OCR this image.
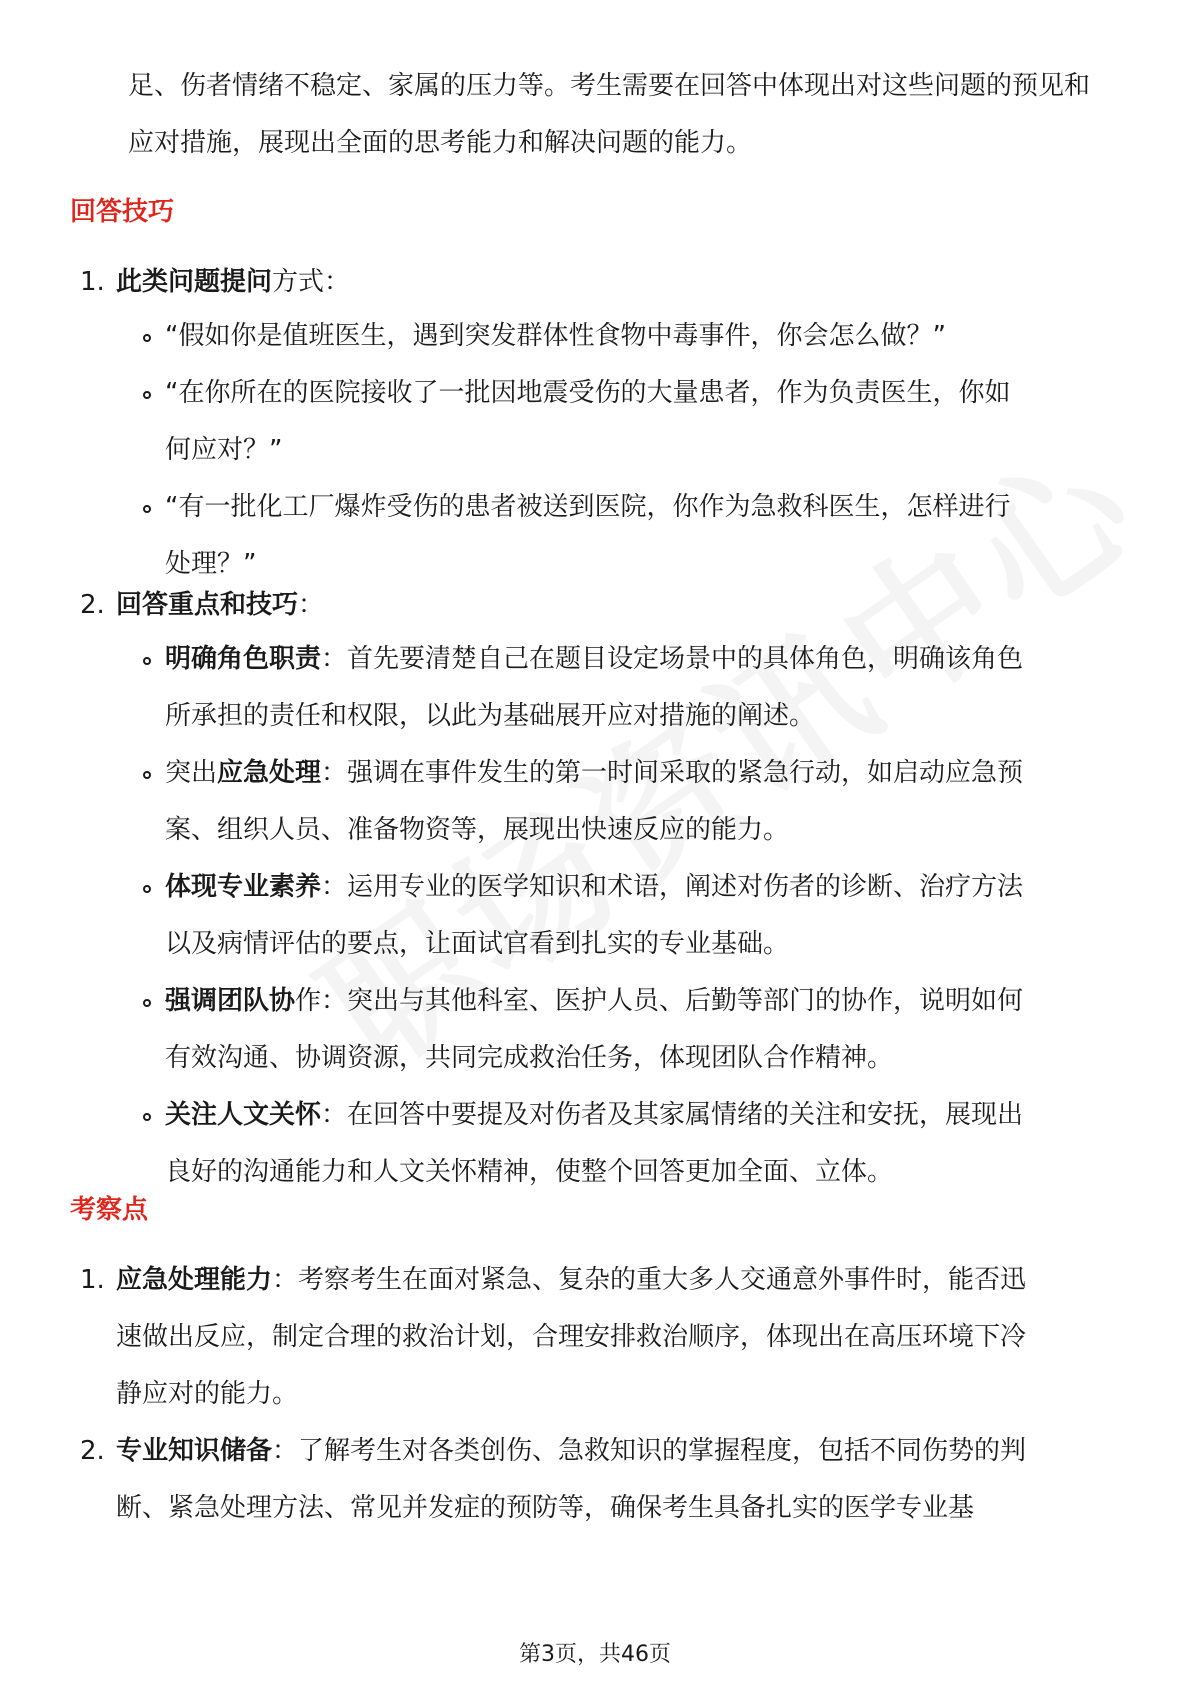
足、伤者情绪不稳定、家属的压力等。考生需要在回答中体现出对这些问题的预见和应对措施，展现出全面的思考能力和解决问题的能力。

回答技巧
1. 此类问题提问方式：
“假如你是值班医生，遇到突发群体性食物中毒事件，你会怎么做？”
“在你所在的医院接收了一批因地震受伤的大量患者，作为负责医生，你如何应对？”
“有一批化工厂爆炸受伤的患者被送到医院，你作为急救科医生，怎样进行处理？”
2. 回答重点和技巧：
明确角色职责：首先要清楚自己在题目设定场景中的具体角色，明确该角色所承担的责任和权限，以此为基础展开应对措施的阐述。
突出应急处理：强调在事件发生的第一时间采取的紧急行动，如启动应急预案、组织人员、准备物资等，展现出快速反应的能力。
体现专业素养：运用专业的医学知识和术语，阐述对伤者的诊断、治疗方法以及病情评估的要点，让面试官看到扎实的专业基础。
强调团队协作：突出与其他科室、医护人员、后勤等部门的协作，说明如何有效沟通、协调资源，共同完成救治任务，体现团队合作精神。
关注人文关怀：在回答中要提及对伤者及其家属情绪的关注和安抚，展现出良好的沟通能力和人文关怀精神，使整个回答更加全面、立体。
考察点
1. 应急处理能力：考察考生在面对紧急、复杂的重大多人交通意外事件时，能否迅速做出反应，制定合理的救治计划，合理安排救治顺序，体现出在高压环境下冷静应对的能力。
2. 专业知识储备：了解考生对各类创伤、急救知识的掌握程度，包括不同伤势的判断、紧急处理方法、常见并发症的预防等，确保考生具备扎实的医学专业基
第3页，共46页
